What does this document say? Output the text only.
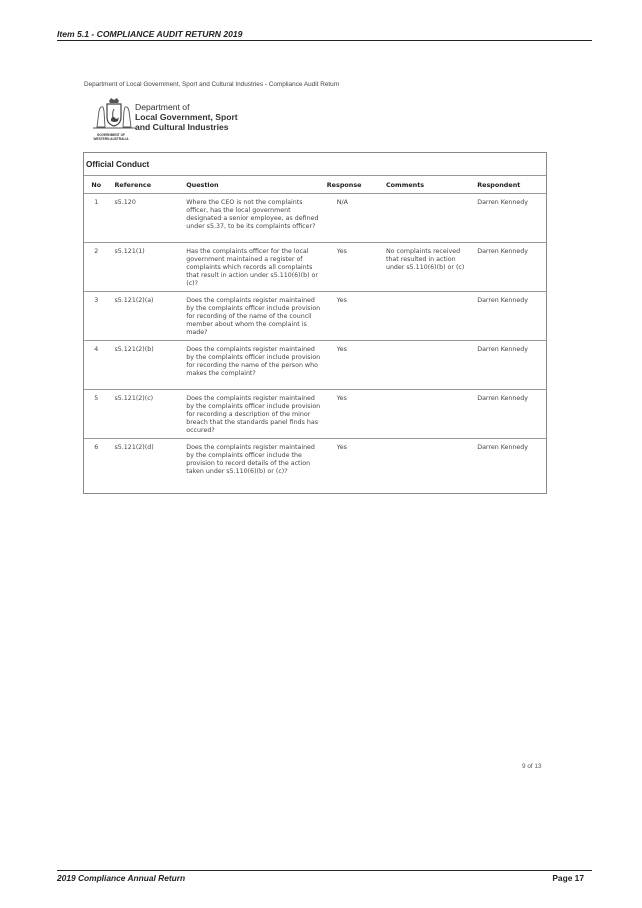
Item 5.1 - COMPLIANCE AUDIT RETURN 2019
Department of Local Government, Sport and Cultural Industries - Compliance Audit Return
GOVERNMENT OF
WESTERN AUSTRALIA
Department of
Local Government, Sport
and Cultural Industries
Official Conduct
No	Reference	Question	Response	Comments	Respondent
1	s5.120	Where the CEO is not the complaints officer, has the local government designated a senior employee, as defined under s5.37, to be its complaints officer?	N/A		Darren Kennedy
2	s5.121(1)	Has the complaints officer for the local government maintained a register of complaints which records all complaints that result in action under s5.110(6)(b) or (c)?	Yes	No complaints received that resulted in action under s5.110(6)(b) or (c)	Darren Kennedy
3	s5.121(2)(a)	Does the complaints register maintained by the complaints officer include provision for recording of the name of the council member about whom the complaint is made?	Yes		Darren Kennedy
4	s5.121(2)(b)	Does the complaints register maintained by the complaints officer include provision for recording the name of the person who makes the complaint?	Yes		Darren Kennedy
5	s5.121(2)(c)	Does the complaints register maintained by the complaints officer include provision for recording a description of the minor breach that the standards panel finds has occured?	Yes		Darren Kennedy
6	s5.121(2)(d)	Does the complaints register maintained by the complaints officer include the provision to record details of the action taken under s5.110(6)(b) or (c)?	Yes		Darren Kennedy
9 of 13
2019 Compliance Annual Return	Page 17
